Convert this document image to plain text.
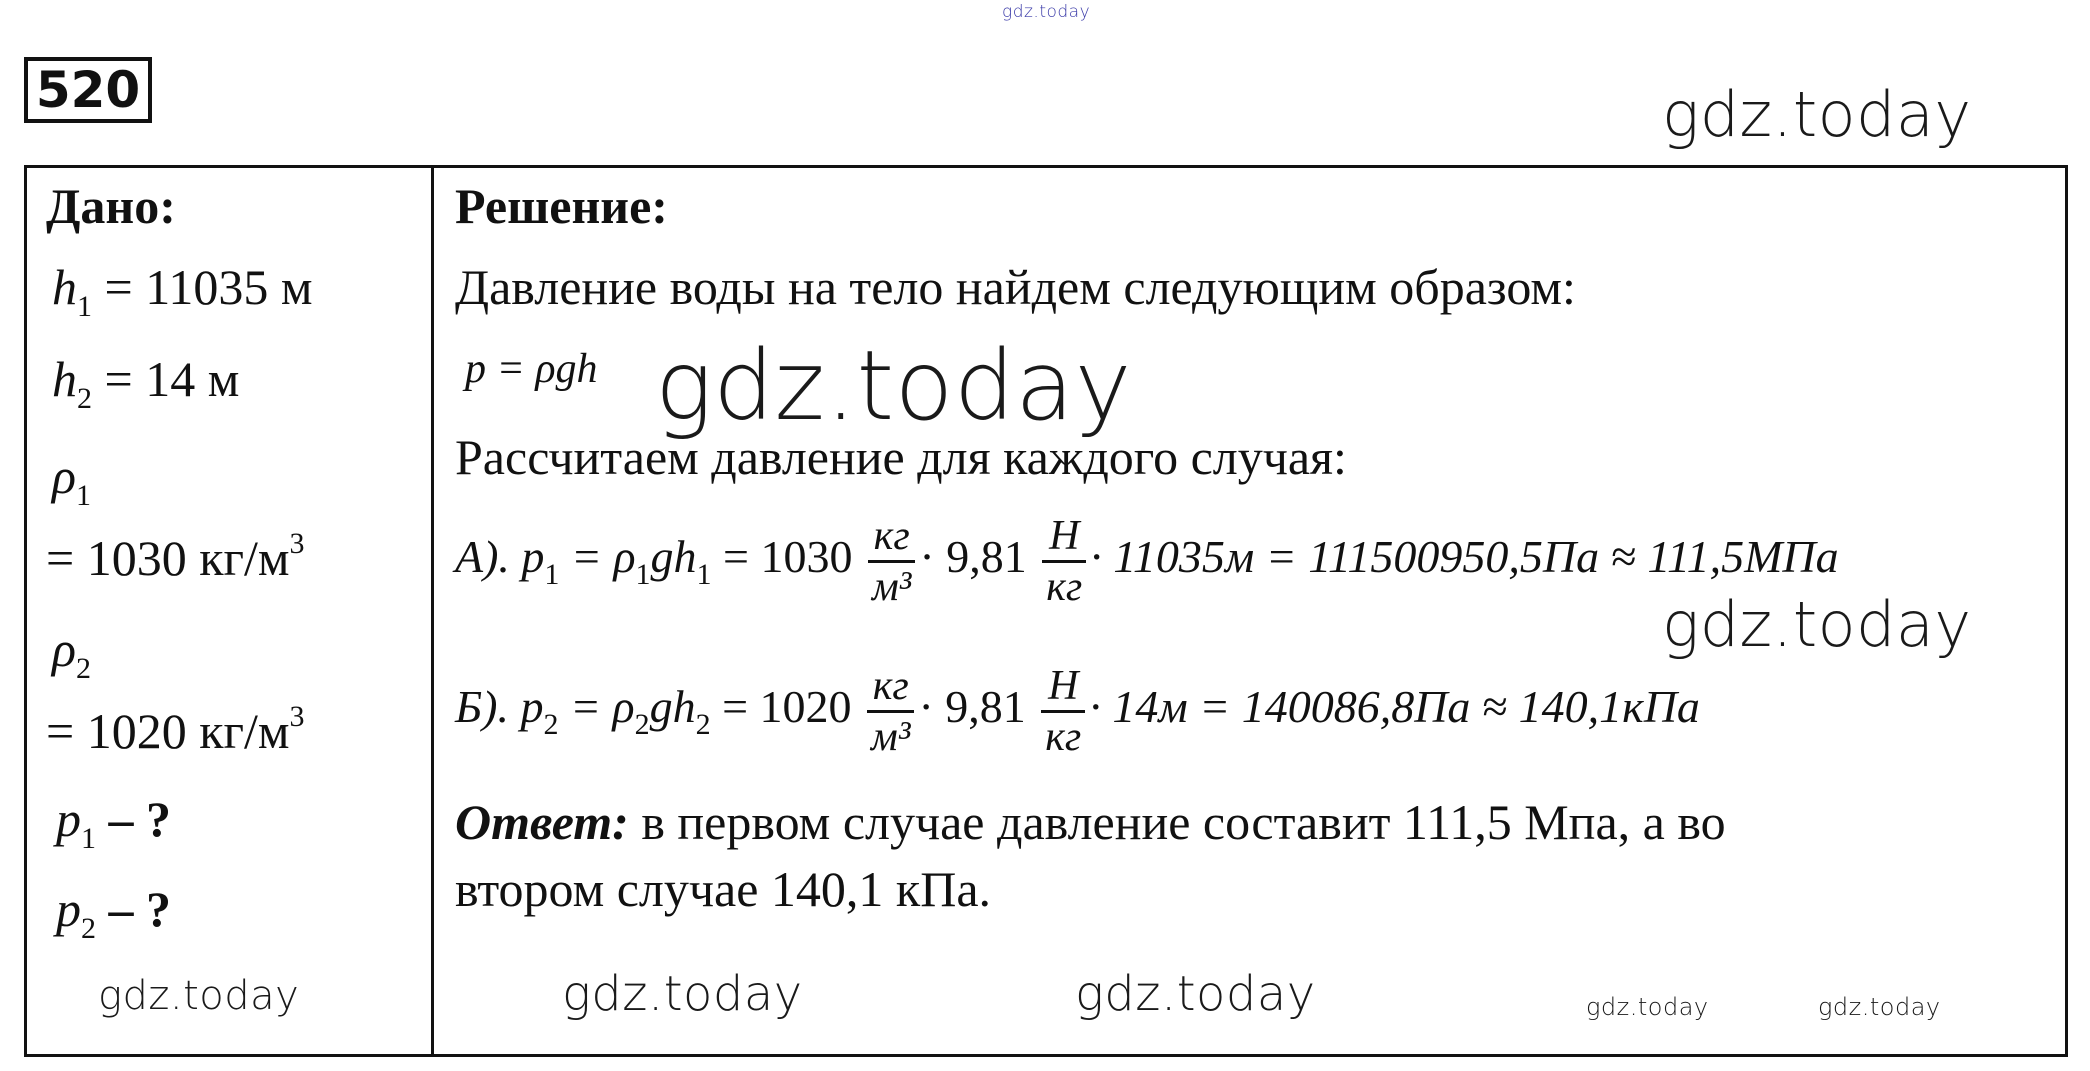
gdz.today
520	gdz.today
Дано:
$h_1 = 11035$ м
$h_2 = 14$ м
$\rho_1$
= 1030 $кг/м^3$
$\rho_2$
= 1020 $кг/м^3$
$p_1$ – ?
$p_2$ – ?
Решение:
Давление воды на тело найдем следующим образом:
p = ρgh gdz.today
Рассчитаем давление для каждого случая:
А). $p_1 = \rho_1gh_1 = 1030 \frac{кг}{\text{м³}} \cdot 9,81 \frac{Н}{кг} \cdot 11035м = 111500950,5Па \approx 111,5МПа$
gdz.today
Б). $p_2 = \rho_2gh_2 = 1020 \frac{кг}{\text{м³}} \cdot 9,81 \frac{Н}{кг} \cdot 14м = 140086,8Па \approx 140,1кПа$
Ответ: в первом случае давление составит 111,5 Мпа, а во
втором случае 140,1 кПа.
gdz.today	gdz.today	gdz.today	gdz.today	gdz.today
